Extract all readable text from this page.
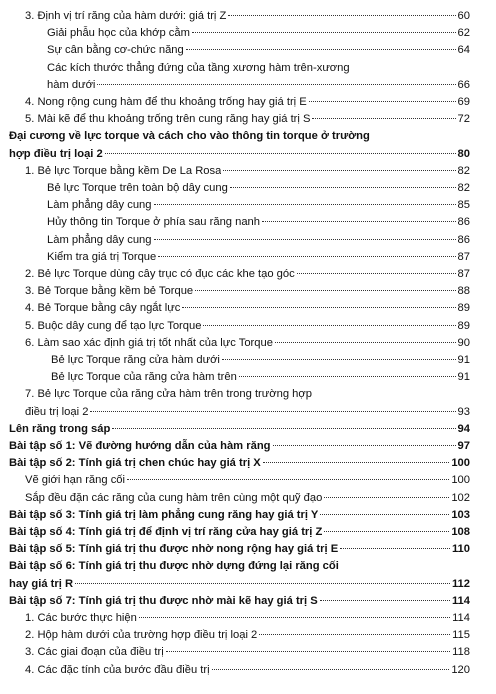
3. Định vị trí răng của hàm dưới: giá trị Z	60
Giải phẫu học của khớp cằm	62
Sự cân bằng cơ-chức năng	64
Các kích thước thẳng đứng của tầng xương hàm trên-xương
hàm dưới	66
4. Nong rộng cung hàm để thu khoảng trống hay giá trị E	69
5. Mài kẽ để thu khoảng trống trên cung răng hay giá trị S	72
Đại cương về lực torque và cách cho vào thông tin torque ở trường
hợp điều trị loại 2	80
1. Bẻ lực Torque bằng kềm De La Rosa	82
Bẻ lực Torque trên toàn bộ dây cung	82
Làm phẳng dây cung	85
Hủy thông tin Torque ở phía sau răng nanh	86
Làm phẳng dây cung	86
Kiểm tra giá trị Torque	87
2. Bẻ lực Torque dùng cây trục có đục các khe tạo góc	87
3. Bẻ Torque bằng kềm bẻ Torque	88
4. Bẻ Torque bằng cây ngắt lực	89
5. Buộc dây cung để tạo lực Torque	89
6. Làm sao xác định giá trị tốt nhất của lực Torque	90
Bẻ lực Torque răng cửa hàm dưới	91
Bẻ lực Torque của răng cửa hàm trên	91
7. Bẻ lực Torque của răng cửa hàm trên trong trường hợp
điều trị loại 2	93
Lên răng trong sáp	94
Bài tập số 1: Vẽ đường hướng dẫn của hàm răng	97
Bài tập số 2: Tính giá trị chen chúc hay giá trị X	100
Vẽ giới hạn răng cối	100
Sắp đều đặn các răng của cung hàm trên cùng một quỹ đạo	102
Bài tập số 3: Tính giá trị làm phẳng cung răng hay giá trị Y	103
Bài tập số 4: Tính giá trị để định vị trí răng cửa hay giá trị Z	108
Bài tập số 5: Tính giá trị thu được nhờ nong rộng hay giá trị E	110
Bài tập số 6: Tính giá trị thu được nhờ dựng đứng lại răng cối
hay giá trị R	112
Bài tập số 7: Tính giá trị thu được nhờ mài kẽ hay giá trị S	114
1. Các bước thực hiện	114
2. Hộp hàm dưới của trường hợp điều trị loại 2	115
3. Các giai đoạn của điều trị	118
4. Các đặc tính của bước đầu điều trị	120
